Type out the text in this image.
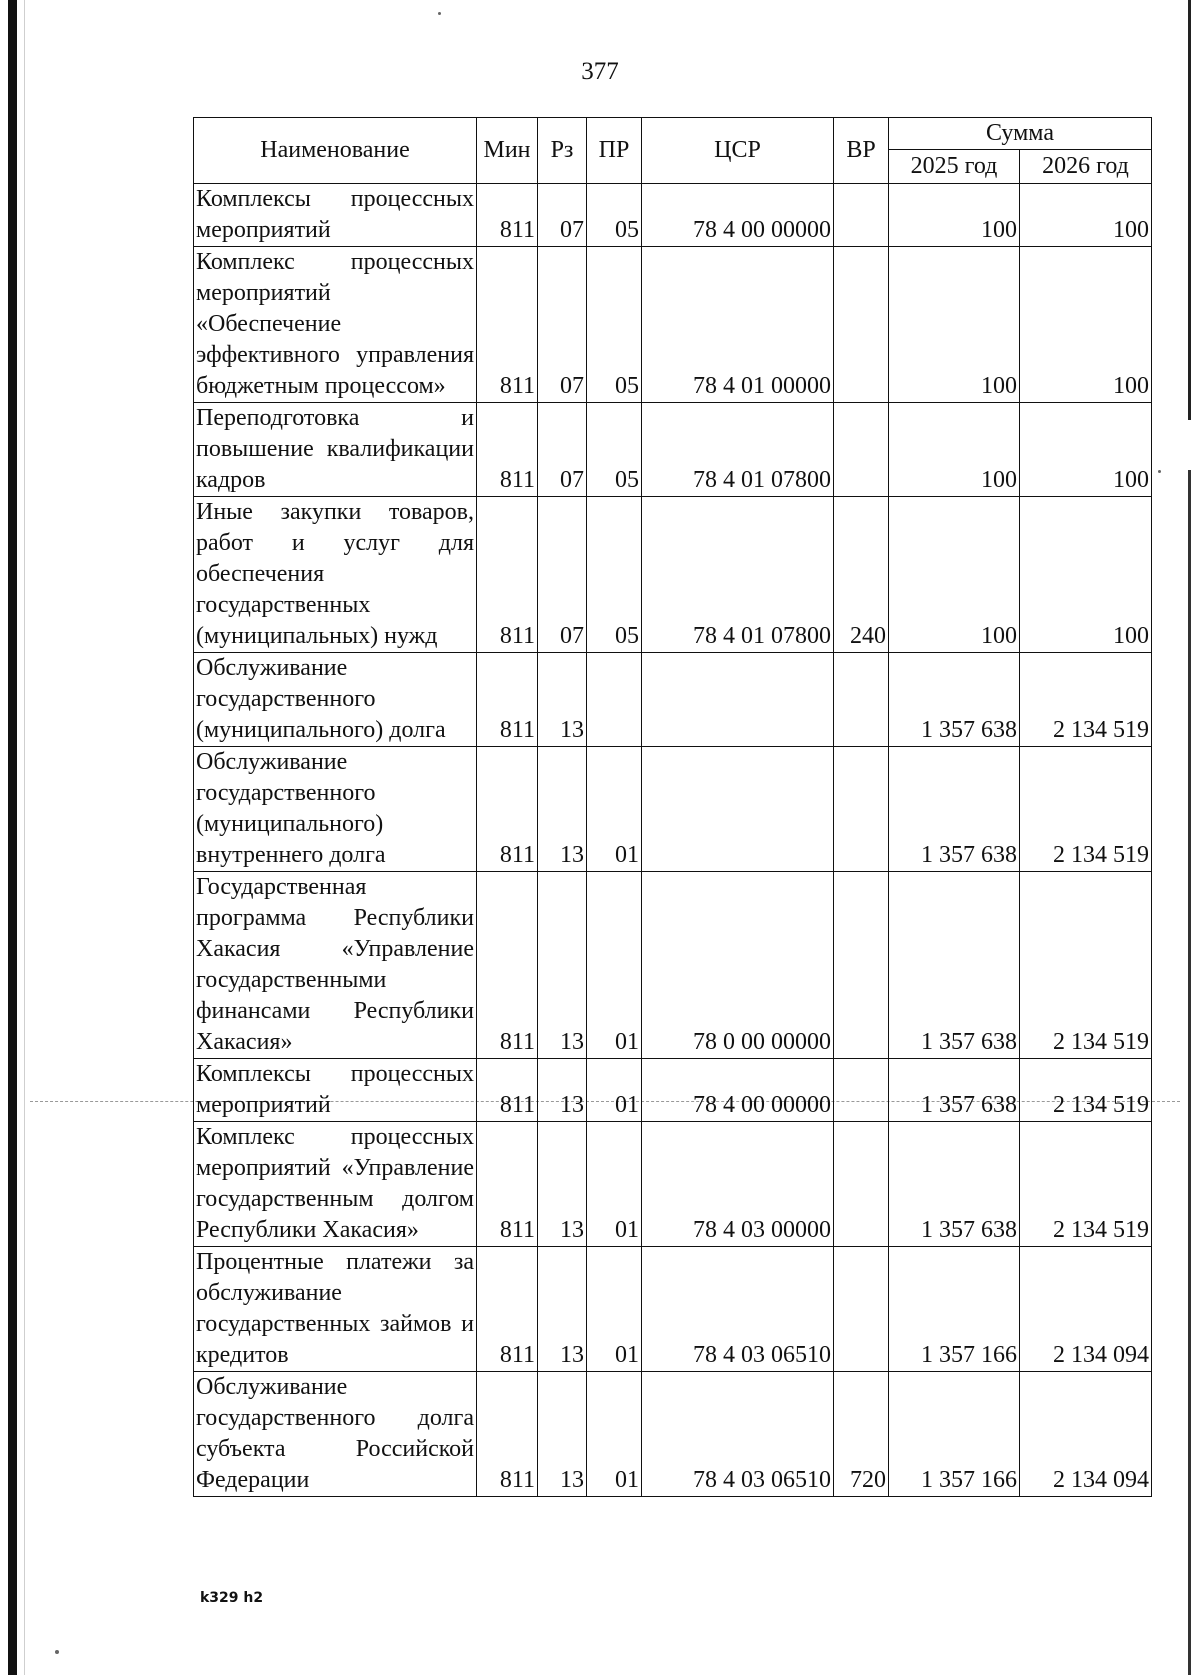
377
Наименование	Мин	Рз	ПР	ЦСР	ВР	Сумма	
						2025 год	2026 год
Комплексы процессных мероприятий	811	07	05	78 4 00 00000		100	100
Комплекс процессных мероприятий «Обеспечение эффективного управления бюджетным процессом»	811	07	05	78 4 01 00000		100	100
Переподготовка и повышение квалификации кадров	811	07	05	78 4 01 07800		100	100
Иные закупки товаров, работ и услуг для обеспечения государственных (муниципальных) нужд	811	07	05	78 4 01 07800	240	100	100
Обслуживание государственного (муниципального) долга	811	13				1 357 638	2 134 519
Обслуживание государственного (муниципального) внутреннего долга	811	13	01			1 357 638	2 134 519
Государственная программа Республики Хакасия «Управление государственными финансами Республики Хакасия»	811	13	01	78 0 00 00000		1 357 638	2 134 519
Комплексы процессных мероприятий	811	13	01	78 4 00 00000		1 357 638	2 134 519
Комплекс процессных мероприятий «Управление государственным долгом Республики Хакасия»	811	13	01	78 4 03 00000		1 357 638	2 134 519
Процентные платежи за обслуживание государственных займов и кредитов	811	13	01	78 4 03 06510		1 357 166	2 134 094
Обслуживание государственного долга субъекта Российской Федерации	811	13	01	78 4 03 06510	720	1 357 166	2 134 094
k329 h2
